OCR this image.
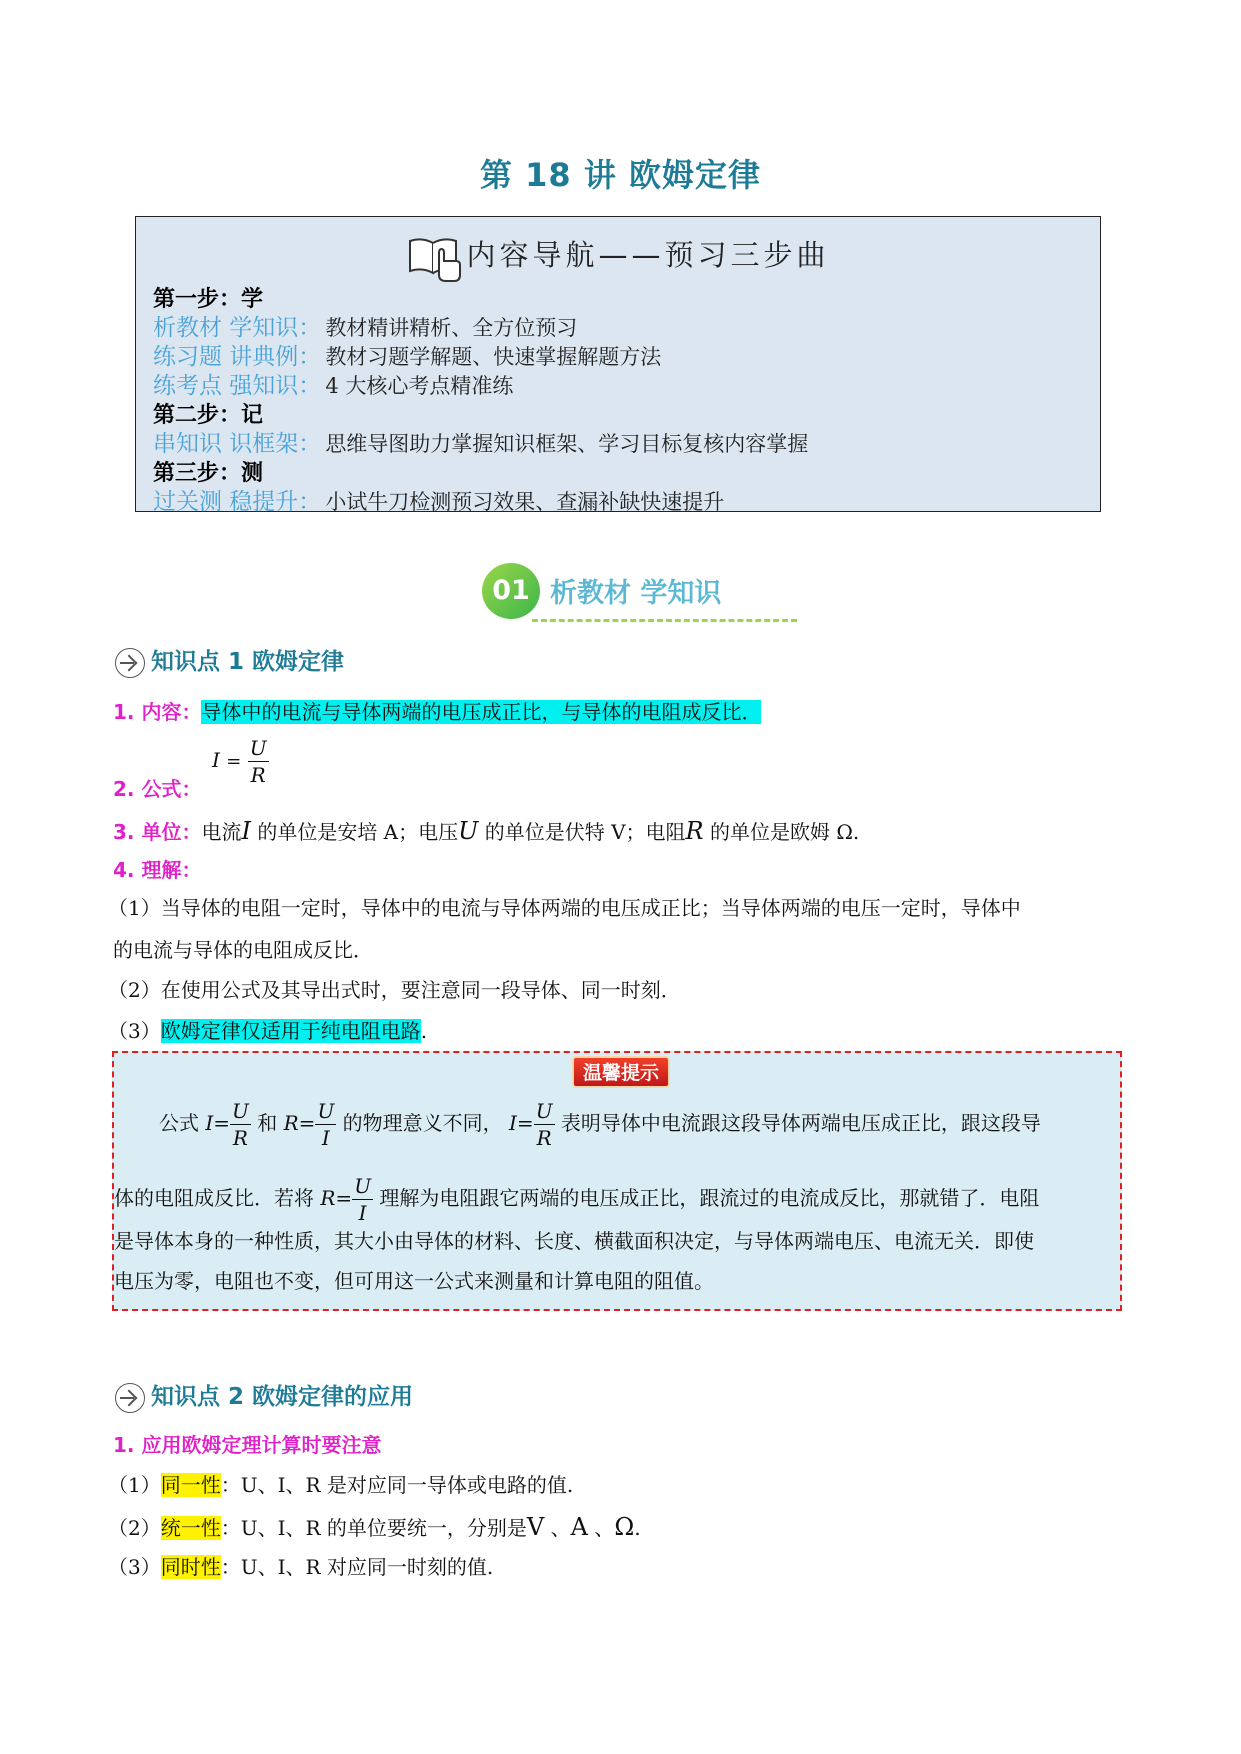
第 18 讲 欧姆定律
内容导航——预习三步曲
第一步：学
析教材 学知识： 教材精讲精析、全方位预习
练习题 讲典例： 教材习题学解题、快速掌握解题方法
练考点 强知识： 4 大核心考点精准练
第二步：记
串知识 识框架： 思维导图助力掌握知识框架、学习目标复核内容掌握
第三步：测
过关测 稳提升： 小试牛刀检测预习效果、查漏补缺快速提升
01 析教材 学知识
知识点 1 欧姆定律
1. 内容：导体中的电流与导体两端的电压成正比，与导体的电阻成反比．
$I = \frac{U}{R}$
2. 公式：
3. 单位：电流I 的单位是安培 A；电压U 的单位是伏特 V；电阻R 的单位是欧姆 Ω.
4. 理解：
（1）当导体的电阻一定时，导体中的电流与导体两端的电压成正比；当导体两端的电压一定时，导体中
的电流与导体的电阻成反比．
（2）在使用公式及其导出式时，要注意同一段导体、同一时刻．
（3）欧姆定律仅适用于纯电阻电路.
温馨提示
公式 $I= \frac{U}{R}$ 和 $R= \frac{U}{I}$ 的物理意义不同， $I= \frac{U}{R}$ 表明导体中电流跟这段导体两端电压成正比，跟这段导
体的电阻成反比．若将 $R= \frac{U}{I}$ 理解为电阻跟它两端的电压成正比，跟流过的电流成反比，那就错了．电阻
是导体本身的一种性质，其大小由导体的材料、长度、横截面积决定，与导体两端电压、电流无关．即使
电压为零，电阻也不变，但可用这一公式来测量和计算电阻的阻值。
知识点 2 欧姆定律的应用
1. 应用欧姆定理计算时要注意
（1）同一性：U、I、R 是对应同一导体或电路的值.
（2）统一性：U、I、R 的单位要统一，分别是V 、A 、Ω.
（3）同时性：U、I、R 对应同一时刻的值.
